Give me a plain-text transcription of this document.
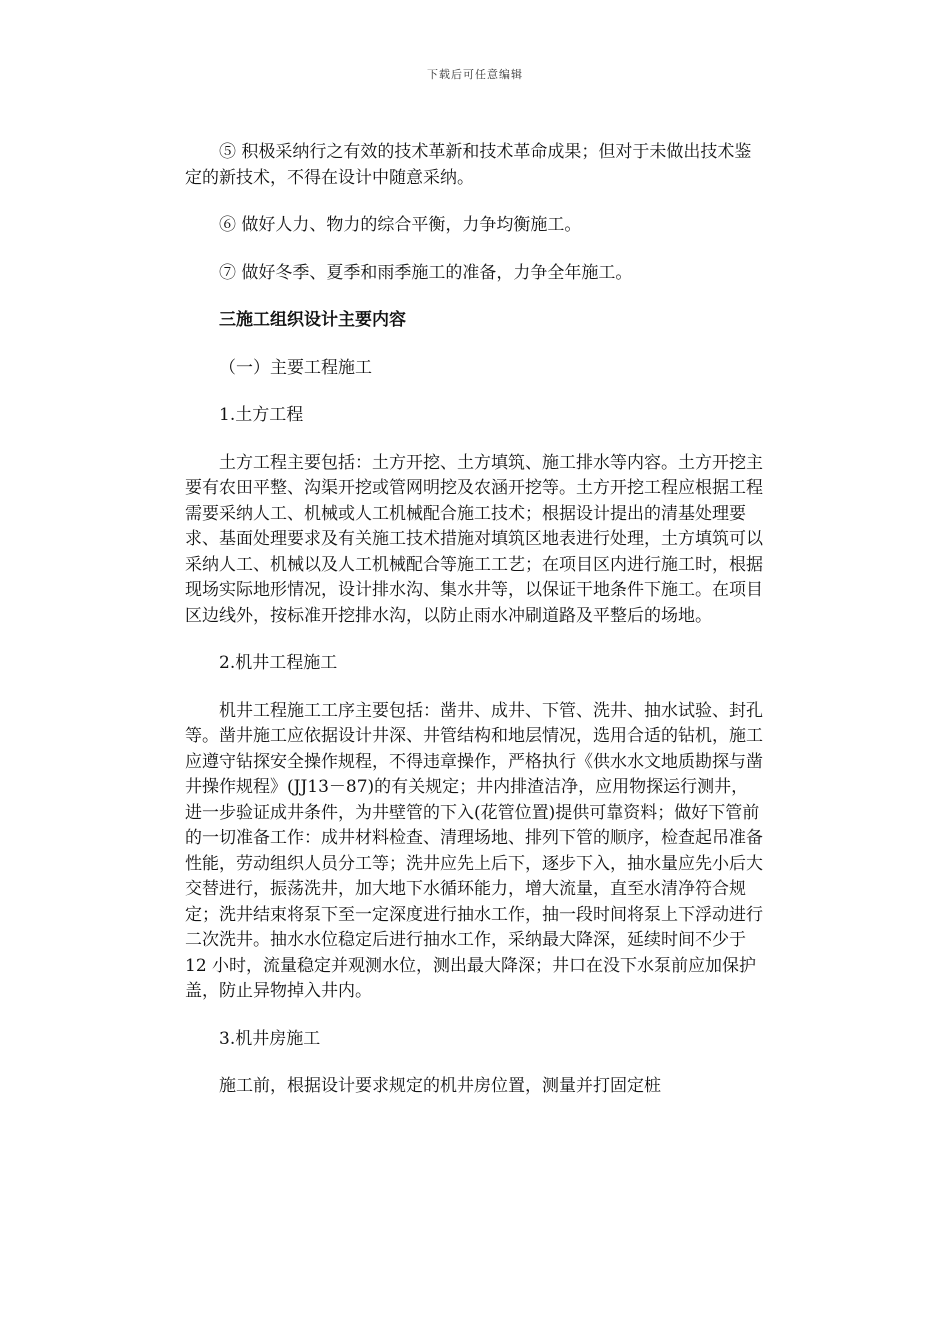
下载后可任意编辑

⑤ 积极采纳行之有效的技术革新和技术革命成果；但对于未做出技术鉴定的新技术，不得在设计中随意采纳。

⑥ 做好人力、物力的综合平衡，力争均衡施工。

⑦ 做好冬季、夏季和雨季施工的准备，力争全年施工。

三施工组织设计主要内容

（一）主要工程施工

1.土方工程

土方工程主要包括：土方开挖、土方填筑、施工排水等内容。土方开挖主要有农田平整、沟渠开挖或管网明挖及农涵开挖等。土方开挖工程应根据工程需要采纳人工、机械或人工机械配合施工技术；根据设计提出的清基处理要求、基面处理要求及有关施工技术措施对填筑区地表进行处理，土方填筑可以采纳人工、机械以及人工机械配合等施工工艺；在项目区内进行施工时，根据现场实际地形情况，设计排水沟、集水井等，以保证干地条件下施工。在项目区边线外，按标准开挖排水沟，以防止雨水冲刷道路及平整后的场地。

2.机井工程施工

机井工程施工工序主要包括：凿井、成井、下管、洗井、抽水试验、封孔等。凿井施工应依据设计井深、井管结构和地层情况，选用合适的钻机，施工应遵守钻探安全操作规程，不得违章操作，严格执行《供水水文地质勘探与凿井操作规程》(JJ13－87)的有关规定；井内排渣洁净，应用物探运行测井，进一步验证成井条件，为井壁管的下入(花管位置)提供可靠资料；做好下管前的一切准备工作：成井材料检查、清理场地、排列下管的顺序，检查起吊准备性能，劳动组织人员分工等；洗井应先上后下，逐步下入，抽水量应先小后大交替进行，振荡洗井，加大地下水循环能力，增大流量，直至水清净符合规定；洗井结束将泵下至一定深度进行抽水工作，抽一段时间将泵上下浮动进行二次洗井。抽水水位稳定后进行抽水工作，采纳最大降深，延续时间不少于12 小时，流量稳定并观测水位，测出最大降深；井口在没下水泵前应加保护盖，防止异物掉入井内。

3.机井房施工

施工前，根据设计要求规定的机井房位置，测量并打固定桩
